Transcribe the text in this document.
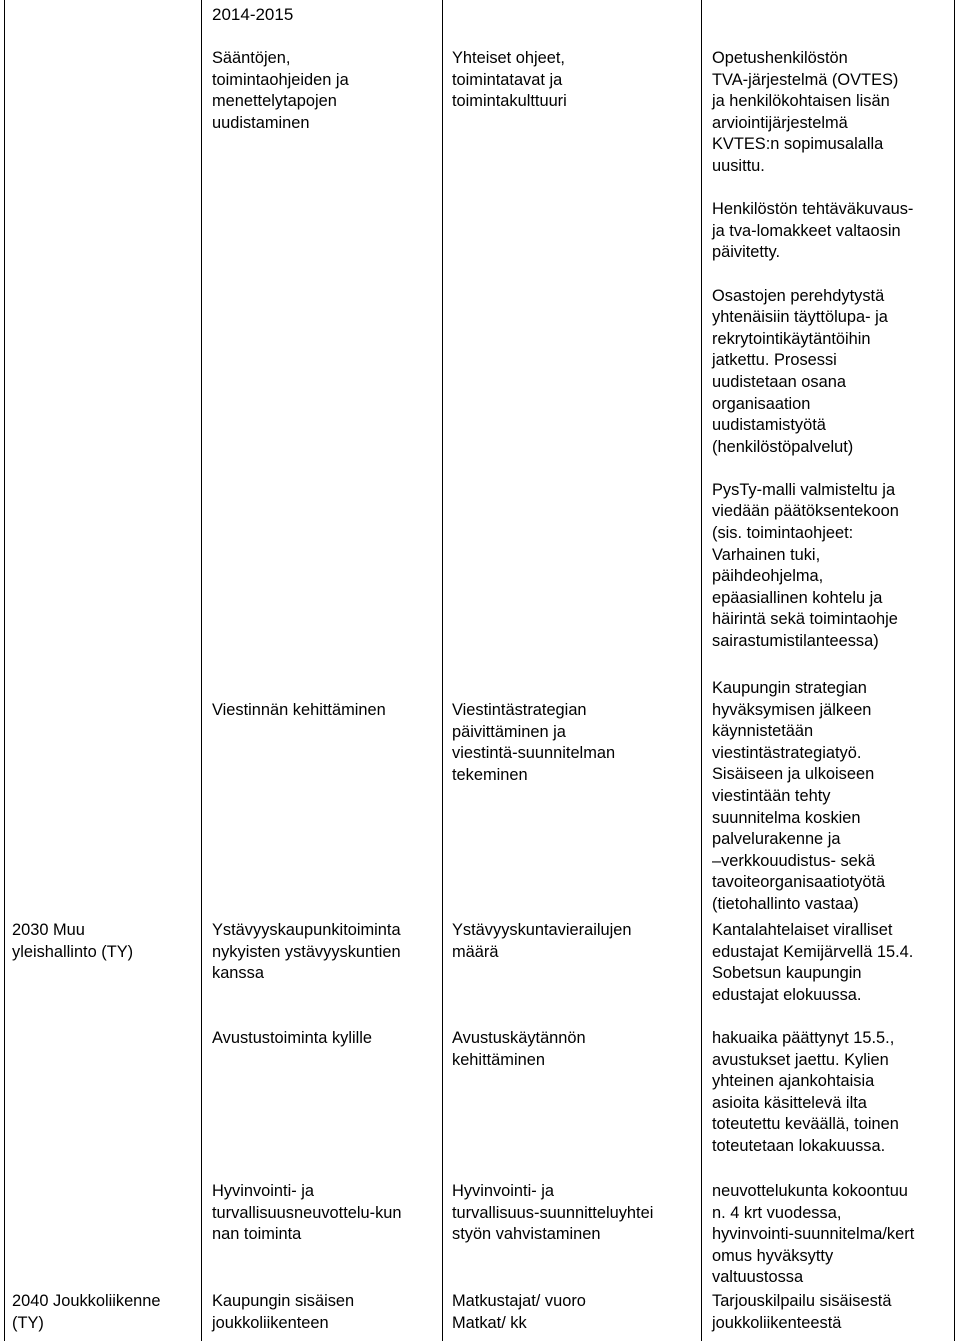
2014-2015
Sääntöjen,
toimintaohjeiden ja
menettelytapojen
uudistaminen
Yhteiset ohjeet,
toimintatavat ja
toimintakulttuuri
Opetushenkilöstön
TVA-järjestelmä (OVTES)
ja henkilökohtaisen lisän
arviointijärjestelmä
KVTES:n sopimusalalla
uusittu.

Henkilöstön tehtäväkuvaus-
ja tva-lomakkeet valtaosin
päivitetty.

Osastojen perehdytystä
yhtenäisiin täyttölupa- ja
rekrytointikäytäntöihin
jatkettu. Prosessi
uudistetaan osana
organisaation
uudistamistyötä
(henkilöstöpalvelut)

PysTy-malli valmisteltu ja
viedään päätöksentekoon
(sis. toimintaohjeet:
Varhainen tuki,
päihdeohjelma,
epäasiallinen kohtelu ja
häirintä sekä toimintaohje
sairastumistilanteessa)
Viestinnän kehittäminen	Viestintästrategian
päivittäminen ja
viestintä-suunnitelman
tekeminen
Kaupungin strategian
hyväksymisen jälkeen
käynnistetään
viestintästrategiatyö.
Sisäiseen ja ulkoiseen
viestintään tehty
suunnitelma koskien
palvelurakenne ja
–verkkouudistus- sekä
tavoiteorganisaatiotyötä
(tietohallinto vastaa)
2030 Muu
yleishallinto (TY)
Ystävyyskaupunkitoiminta
nykyisten ystävyyskuntien
kanssa
Ystävyyskuntavierailujen
määrä
Kantalahtelaiset viralliset
edustajat Kemijärvellä 15.4.
Sobetsun kaupungin
edustajat elokuussa.
Avustustoiminta kylille	Avustuskäytännön
kehittäminen
hakuaika päättynyt 15.5.,
avustukset jaettu. Kylien
yhteinen ajankohtaisia
asioita käsittelevä ilta
toteutettu keväällä, toinen
toteutetaan lokakuussa.
Hyvinvointi- ja
turvallisuusneuvottelu-kun
nan toiminta
Hyvinvointi- ja
turvallisuus-suunnitteluyhtei
styön vahvistaminen
neuvottelukunta kokoontuu
n. 4 krt vuodessa,
hyvinvointi-suunnitelma/kert
omus hyväksytty
valtuustossa
2040 Joukkoliikenne
(TY)
Kaupungin sisäisen
joukkoliikenteen
Matkustajat/ vuoro
Matkat/ kk
Tarjouskilpailu sisäisestä
joukkoliikenteestä
